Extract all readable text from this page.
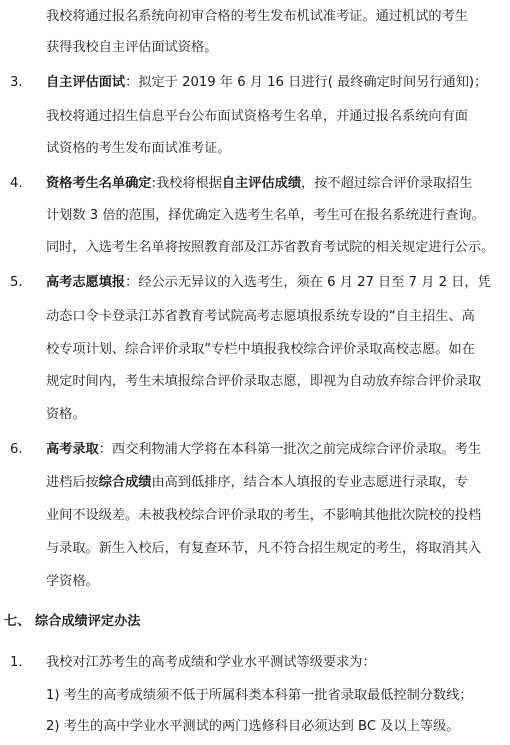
我校将通过报名系统向初审合格的考生发布机试准考证。通过机试的考生
获得我校自主评估面试资格。
3. 自主评估面试：拟定于 2019 年 6 月 16 日进行( 最终确定时间另行通知)；
我校将通过招生信息平台公布面试资格考生名单，并通过报名系统向有面
试资格的考生发布面试准考证。
4. 资格考生名单确定:我校将根据自主评估成绩，按不超过综合评价录取招生
计划数 3 倍的范围，择优确定入选考生名单，考生可在报名系统进行查询。
同时，入选考生名单将按照教育部及江苏省教育考试院的相关规定进行公示。
5. 高考志愿填报：经公示无异议的入选考生，须在 6 月 27 日至 7 月 2 日，凭
动态口令卡登录江苏省教育考试院高考志愿填报系统专设的“自主招生、高
校专项计划、综合评价录取”专栏中填报我校综合评价录取高校志愿。如在
规定时间内，考生未填报综合评价录取志愿，即视为自动放弃综合评价录取
资格。
6. 高考录取：西交利物浦大学将在本科第一批次之前完成综合评价录取。考生
进档后按综合成绩由高到低排序，结合本人填报的专业志愿进行录取，专
业间不设级差。未被我校综合评价录取的考生，不影响其他批次院校的投档
与录取。新生入校后，有复查环节，凡不符合招生规定的考生，将取消其入
学资格。
七、 综合成绩评定办法
1. 我校对江苏考生的高考成绩和学业水平测试等级要求为：
1) 考生的高考成绩须不低于所属科类本科第一批省录取最低控制分数线；
2) 考生的高中学业水平测试的两门选修科目必须达到 BC 及以上等级。
